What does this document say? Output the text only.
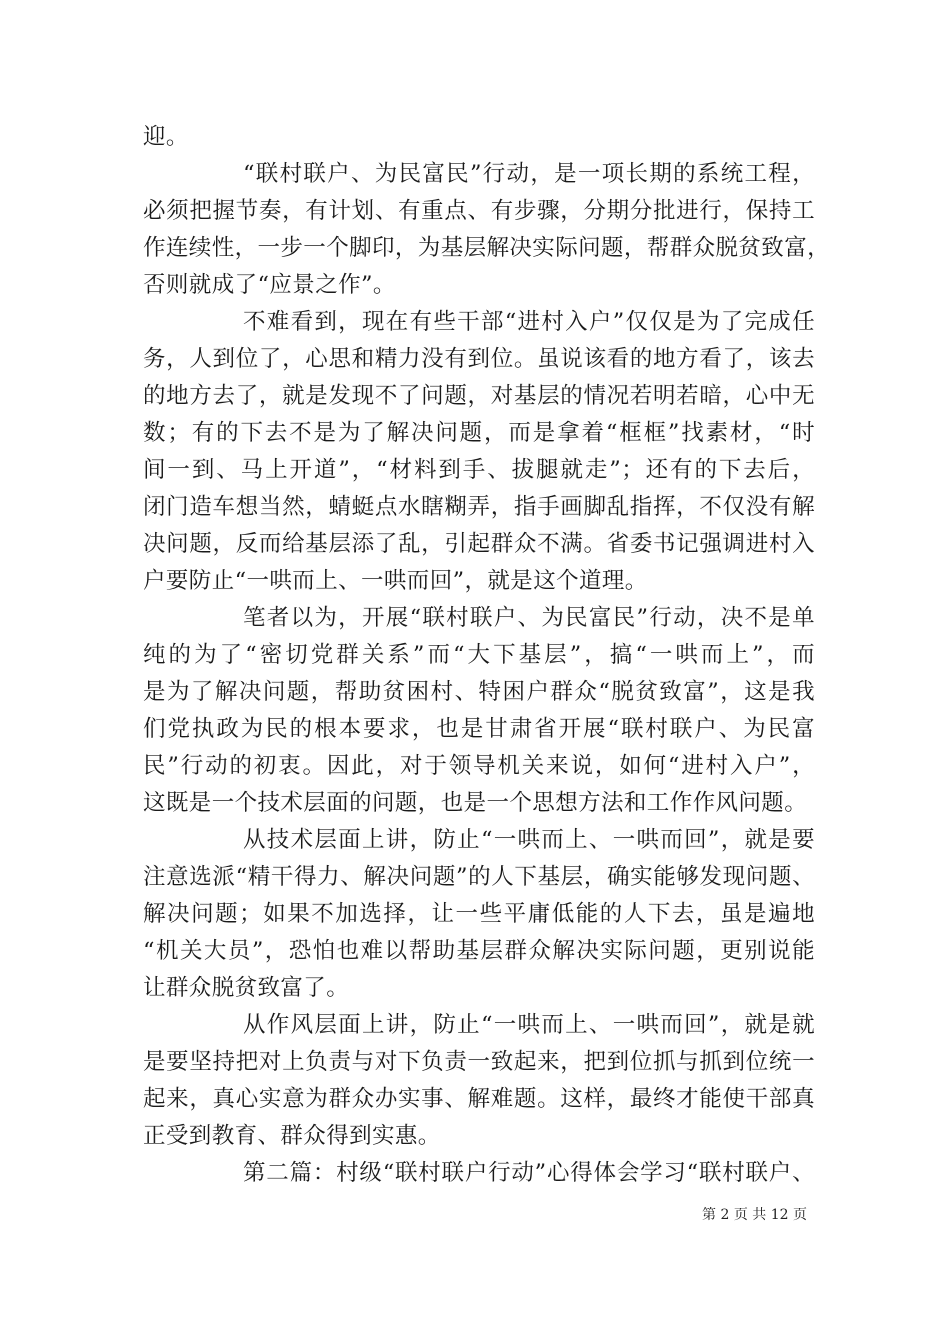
迎。
“联村联户、为民富民”行动，是一项长期的系统工程，
必须把握节奏，有计划、有重点、有步骤，分期分批进行，保持工
作连续性，一步一个脚印，为基层解决实际问题，帮群众脱贫致富，
否则就成了“应景之作”。
不难看到，现在有些干部“进村入户”仅仅是为了完成任
务，人到位了，心思和精力没有到位。虽说该看的地方看了，该去
的地方去了，就是发现不了问题，对基层的情况若明若暗，心中无
数；有的下去不是为了解决问题，而是拿着“框框”找素材，“时
间一到、马上开道”，“材料到手、拔腿就走”；还有的下去后，
闭门造车想当然，蜻蜓点水瞎糊弄，指手画脚乱指挥，不仅没有解
决问题，反而给基层添了乱，引起群众不满。省委书记强调进村入
户要防止“一哄而上、一哄而回”，就是这个道理。
笔者以为，开展“联村联户、为民富民”行动，决不是单
纯的为了“密切党群关系”而“大下基层”，搞“一哄而上”，而
是为了解决问题，帮助贫困村、特困户群众“脱贫致富”，这是我
们党执政为民的根本要求，也是甘肃省开展“联村联户、为民富
民”行动的初衷。因此，对于领导机关来说，如何“进村入户”，
这既是一个技术层面的问题，也是一个思想方法和工作作风问题。
从技术层面上讲，防止“一哄而上、一哄而回”，就是要
注意选派“精干得力、解决问题”的人下基层，确实能够发现问题、
解决问题；如果不加选择，让一些平庸低能的人下去，虽是遍地
“机关大员”，恐怕也难以帮助基层群众解决实际问题，更别说能
让群众脱贫致富了。
从作风层面上讲，防止“一哄而上、一哄而回”，就是就
是要坚持把对上负责与对下负责一致起来，把到位抓与抓到位统一
起来，真心实意为群众办实事、解难题。这样，最终才能使干部真
正受到教育、群众得到实惠。
第二篇：村级“联村联户行动”心得体会学习“联村联户、
第 2 页 共 12 页
